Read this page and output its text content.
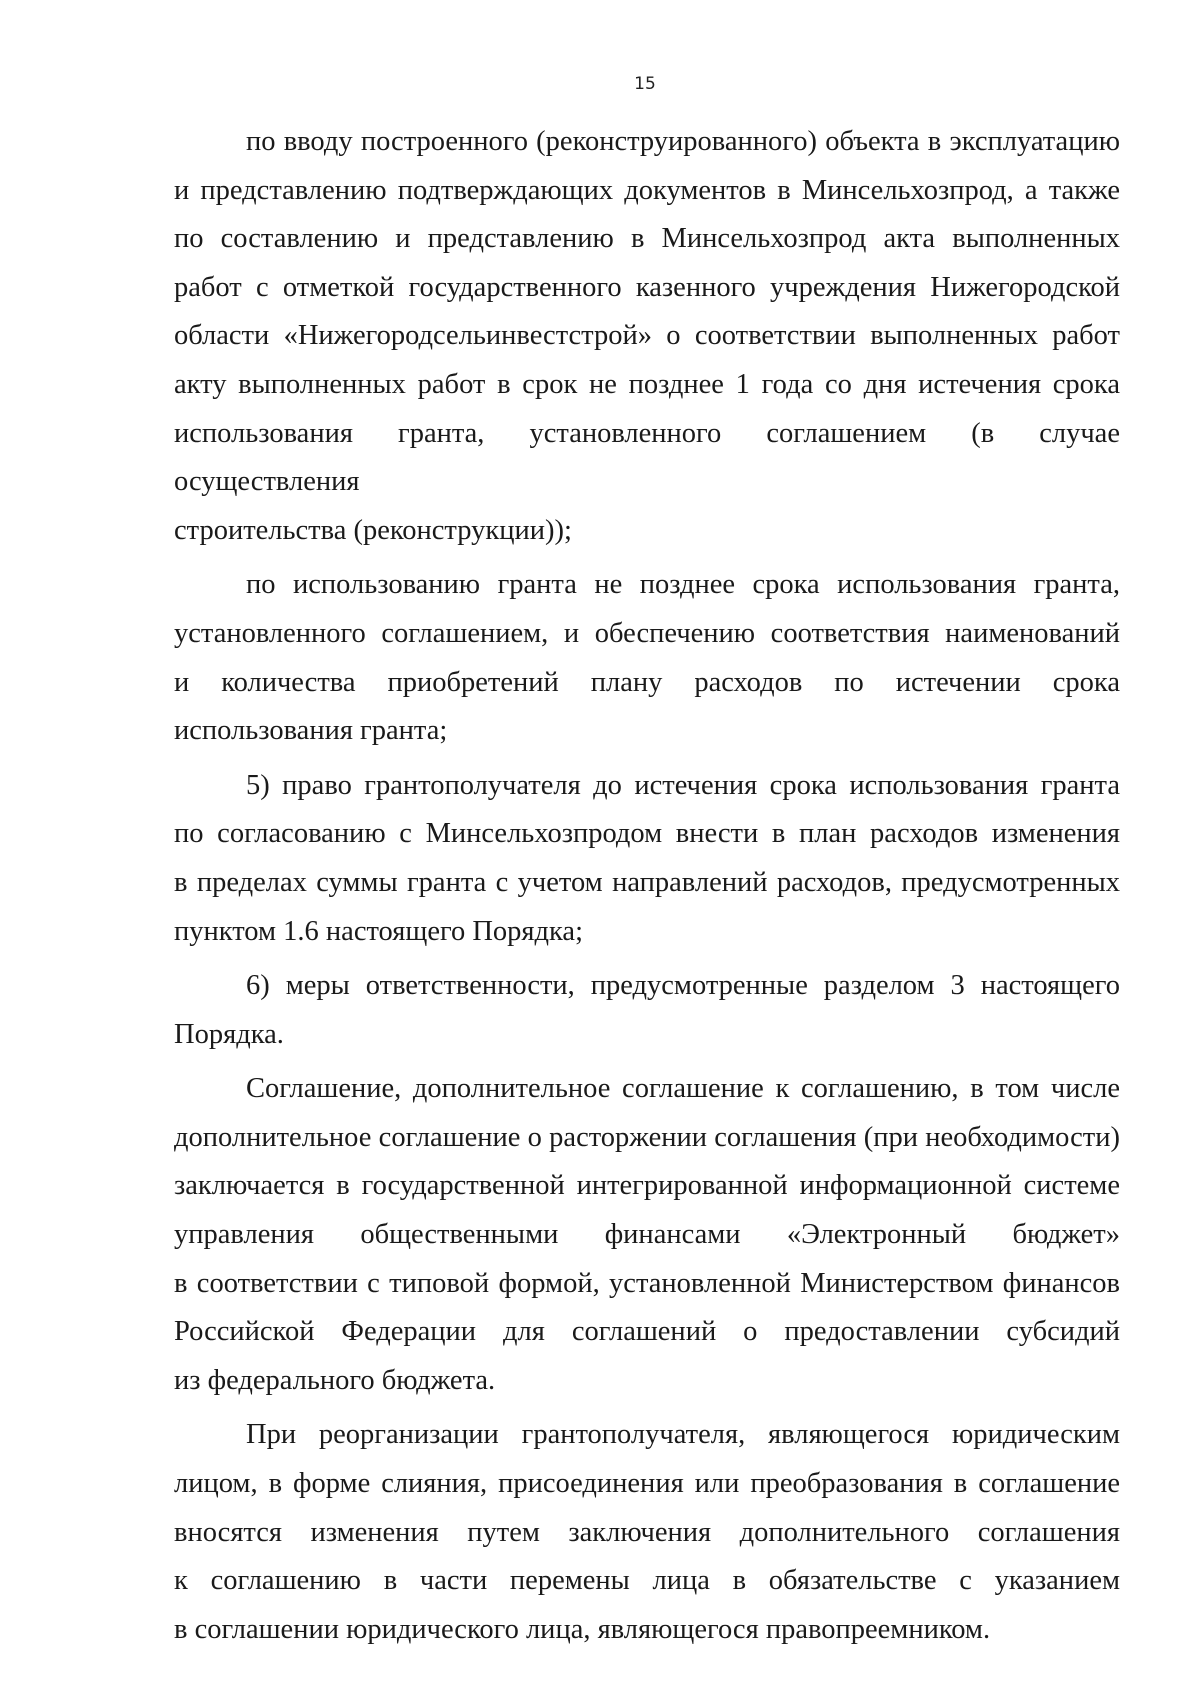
15
по вводу построенного (реконструированного) объекта в эксплуатацию
и представлению подтверждающих документов в Минсельхозпрод, а также
по составлению и представлению в Минсельхозпрод акта выполненных
работ с отметкой государственного казенного учреждения Нижегородской
области «Нижегородсельинвестстрой» о соответствии выполненных работ
акту выполненных работ в срок не позднее 1 года со дня истечения срока
использования гранта, установленного соглашением (в случае осуществления
строительства (реконструкции));
по использованию гранта не позднее срока использования гранта,
установленного соглашением, и обеспечению соответствия наименований
и количества приобретений плану расходов по истечении срока
использования гранта;
5) право грантополучателя до истечения срока использования гранта
по согласованию с Минсельхозпродом внести в план расходов изменения
в пределах суммы гранта с учетом направлений расходов, предусмотренных
пунктом 1.6 настоящего Порядка;
6) меры ответственности, предусмотренные разделом 3 настоящего
Порядка.
Соглашение, дополнительное соглашение к соглашению, в том числе
дополнительное соглашение о расторжении соглашения (при необходимости)
заключается в государственной интегрированной информационной системе
управления общественными финансами «Электронный бюджет»
в соответствии с типовой формой, установленной Министерством финансов
Российской Федерации для соглашений о предоставлении субсидий
из федерального бюджета.
При реорганизации грантополучателя, являющегося юридическим
лицом, в форме слияния, присоединения или преобразования в соглашение
вносятся изменения путем заключения дополнительного соглашения
к соглашению в части перемены лица в обязательстве с указанием
в соглашении юридического лица, являющегося правопреемником.
